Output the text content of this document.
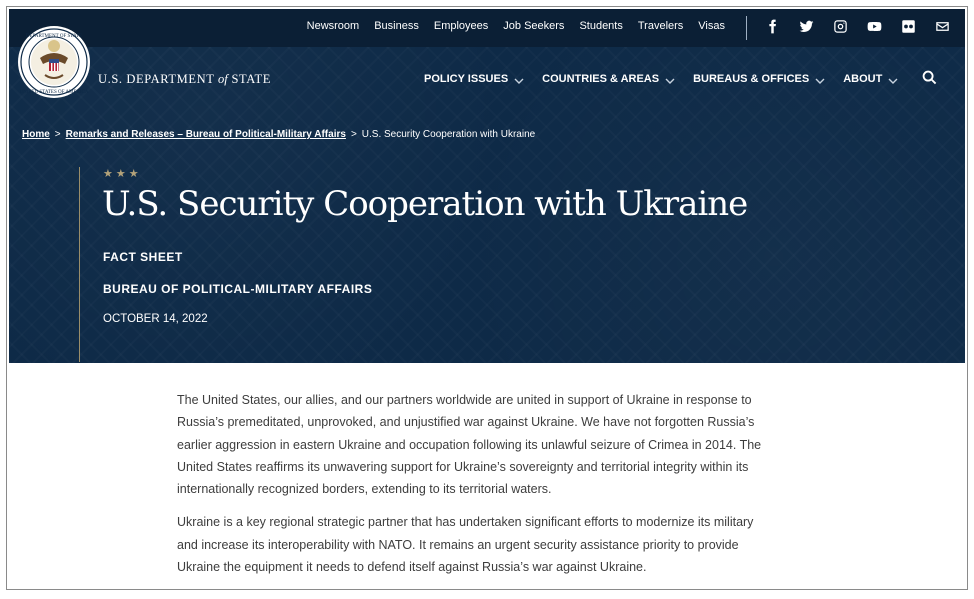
Newsroom Business Employees Job Seekers Students Travelers Visas
DEPARTMENT OF STATE
UNITED STATES OF AMERICA
U.S. DEPARTMENT of STATE	POLICY ISSUES	COUNTRIES & AREAS	BUREAUS & OFFICES	ABOUT
Home > Remarks and Releases – Bureau of Political-Military Affairs > U.S. Security Cooperation with Ukraine
★★★
U.S. Security Cooperation with Ukraine
FACT SHEET
BUREAU OF POLITICAL-MILITARY AFFAIRS
OCTOBER 14, 2022

The United States, our allies, and our partners worldwide are united in support of Ukraine in response to Russia’s premeditated, unprovoked, and unjustified war against Ukraine. We have not forgotten Russia’s earlier aggression in eastern Ukraine and occupation following its unlawful seizure of Crimea in 2014. The United States reaffirms its unwavering support for Ukraine’s sovereignty and territorial integrity within its internationally recognized borders, extending to its territorial waters.

Ukraine is a key regional strategic partner that has undertaken significant efforts to modernize its military and increase its interoperability with NATO. It remains an urgent security assistance priority to provide Ukraine the equipment it needs to defend itself against Russia’s war against Ukraine.
